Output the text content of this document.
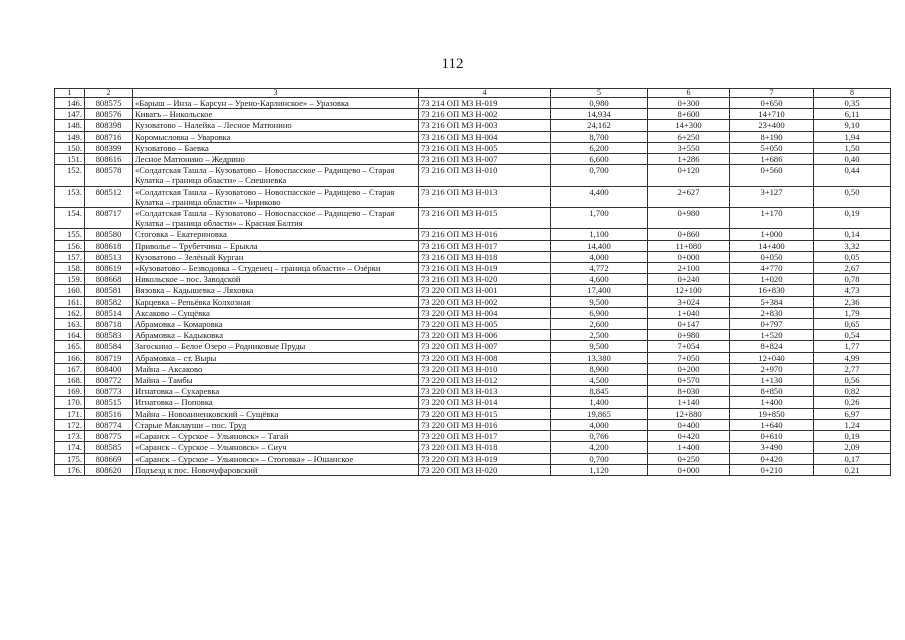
112
1	2	3	4	5	6	7	8
146.	808575	«Барыш – Инза – Карсун – Урено-Карлинское» – Уразовка	73 214 ОП МЗ Н-019	0,980	0+300	0+650	0,35
147.	808576	Киватъ – Никольское	73 216 ОП МЗ Н-002	14,934	8+600	14+710	6,11
148.	808398	Кузоватово – Налейка – Лесное Матюнино	73 216 ОП МЗ Н-003	24,162	14+300	23+400	9,10
149.	808716	Коромысловка – Уваровка	73 216 ОП МЗ Н-004	8,700	6+250	8+190	1,94
150.	808399	Кузоватово – Баевка	73 216 ОП МЗ Н-005	6,200	3+550	5+050	1,50
151.	808616	Лесное Матюнино – Жедрино	73 216 ОП МЗ Н-007	6,600	1+286	1+686	0,40
152.	808578	«Солдатская Ташла – Кузоватово – Новоспасское – Радищево – Старая Кулатка – граница области» – Спешневка	73 216 ОП МЗ Н-010	0,700	0+120	0+560	0,44
153.	808512	«Солдатская Ташла – Кузоватово – Новоспасское – Радищево – Старая Кулатка – граница области» – Чириково	73 216 ОП МЗ Н-013	4,400	2+627	3+127	0,50
154.	808717	«Солдатская Ташла – Кузоватово – Новоспасское – Радищево – Старая Кулатка – граница области» – Красная Балтия	73 216 ОП МЗ Н-015	1,700	0+980	1+170	0,19
155.	808580	Стоговка – Екатериновка	73 216 ОП МЗ Н-016	1,100	0+860	1+000	0,14
156.	808618	Приволье – Трубетчина – Ерыкла	73 216 ОП МЗ Н-017	14,400	11+080	14+400	3,32
157.	808513	Кузоватово – Зелёный Курган	73 216 ОП МЗ Н-018	4,000	0+000	0+050	0,05
158.	808619	«Кузоватово – Безводовка – Студенец – граница области» – Озёрки	73 216 ОП МЗ Н-019	4,772	2+100	4+770	2,67
159.	808668	Никольское – пос. Заводской	73 216 ОП МЗ Н-020	4,600	0+240	1+020	0,78
160.	808581	Вязовка – Кадышевка – Ляховка	73 220 ОП МЗ Н-001	17,400	12+100	16+830	4,73
161.	808582	Карцевка – Репьёвка Колхозная	73 220 ОП МЗ Н-002	9,500	3+024	5+384	2,36
162.	808514	Аксаково – Сущёвка	73 220 ОП МЗ Н-004	6,900	1+040	2+830	1,79
163.	808718	Абрамовка – Комаровка	73 220 ОП МЗ Н-005	2,600	0+147	0+797	0,65
164.	808583	Абрамовка – Кадыковка	73 220 ОП МЗ Н-006	2,500	0+980	1+520	0,54
165.	808584	Загоскино – Белое Озеро – Родниковые Пруды	73 220 ОП МЗ Н-007	9,500	7+054	8+824	1,77
166.	808719	Абрамовка – ст. Выры	73 220 ОП МЗ Н-008	13,380	7+050	12+040	4,99
167.	808400	Майна – Аксаково	73 220 ОП МЗ Н-010	8,900	0+200	2+970	2,77
168.	808772	Майна – Тамбы	73 220 ОП МЗ Н-012	4,500	0+570	1+130	0,56
169.	808773	Игнатовка – Сухаревка	73 220 ОП МЗ Н-013	8,845	8+030	8+850	0,82
170.	808515	Игнатовка – Поповка	73 220 ОП МЗ Н-014	1,400	1+140	1+400	0,26
171.	808516	Майна – Новоанненковский – Сущёвка	73 220 ОП МЗ Н-015	19,865	12+880	19+850	6,97
172.	808774	Старые Маклауши – пос. Труд	73 220 ОП МЗ Н-016	4,000	0+400	1+640	1,24
173.	808775	«Саранск – Сурское – Ульяновск» – Тагай	73 220 ОП МЗ Н-017	0,766	0+420	0+610	0,19
174.	808585	«Саранск – Сурское – Ульяновск» – Сиуч	73 220 ОП МЗ Н-018	4,200	1+400	3+490	2,09
175.	808669	«Саранск – Сурское – Ульяновск» – Стоговка» – Юшанское	73 220 ОП МЗ Н-019	0,700	0+250	0+420	0,17
176.	808620	Подъезд к пос. Новочуфаровский	73 220 ОП МЗ Н-020	1,120	0+000	0+210	0,21
